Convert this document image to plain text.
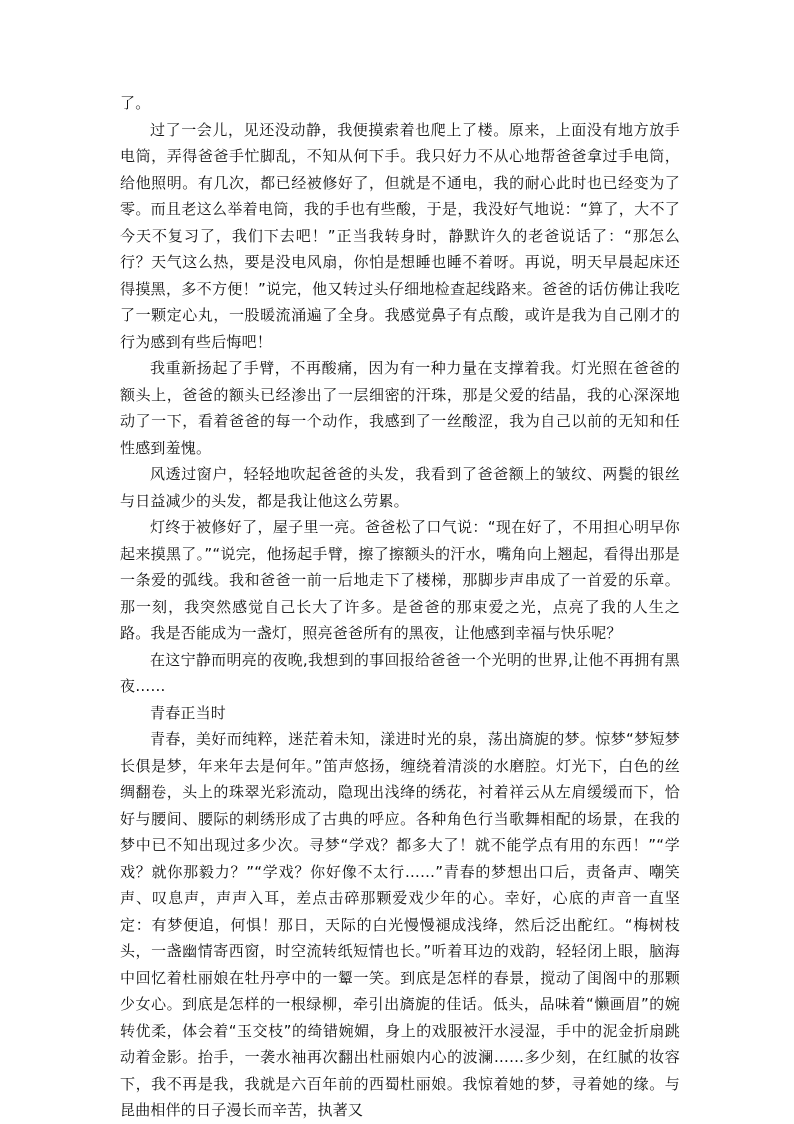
了。

过了一会儿，见还没动静，我便摸索着也爬上了楼。原来，上面没有地方放手电筒，弄得爸爸手忙脚乱，不知从何下手。我只好力不从心地帮爸爸拿过手电筒，给他照明。有几次，都已经被修好了，但就是不通电，我的耐心此时也已经变为了零。而且老这么举着电筒，我的手也有些酸，于是，我没好气地说：“算了，大不了今天不复习了，我们下去吧！”正当我转身时，静默许久的老爸说话了：“那怎么行？天气这么热，要是没电风扇，你怕是想睡也睡不着呀。再说，明天早晨起床还得摸黑，多不方便！”说完，他又转过头仔细地检查起线路来。爸爸的话仿佛让我吃了一颗定心丸，一股暖流涌遍了全身。我感觉鼻子有点酸，或许是我为自己刚才的行为感到有些后悔吧！

我重新扬起了手臂，不再酸痛，因为有一种力量在支撑着我。灯光照在爸爸的额头上，爸爸的额头已经渗出了一层细密的汗珠，那是父爱的结晶，我的心深深地动了一下，看着爸爸的每一个动作，我感到了一丝酸涩，我为自己以前的无知和任性感到羞愧。

风透过窗户，轻轻地吹起爸爸的头发，我看到了爸爸额上的皱纹、两鬓的银丝与日益减少的头发，都是我让他这么劳累。

灯终于被修好了，屋子里一亮。爸爸松了口气说：“现在好了，不用担心明早你起来摸黑了。”“说完，他扬起手臂，擦了擦额头的汗水，嘴角向上翘起，看得出那是一条爱的弧线。我和爸爸一前一后地走下了楼梯，那脚步声串成了一首爱的乐章。那一刻，我突然感觉自己长大了许多。是爸爸的那束爱之光，点亮了我的人生之路。我是否能成为一盏灯，照亮爸爸所有的黑夜，让他感到幸福与快乐呢？

在这宁静而明亮的夜晚,我想到的事回报给爸爸一个光明的世界,让他不再拥有黑夜……

青春正当时

青春，美好而纯粹，迷茫着未知，漾进时光的泉，荡出旖旎的梦。惊梦“梦短梦长俱是梦，年来年去是何年。”笛声悠扬，缠绕着清淡的水磨腔。灯光下，白色的丝绸翻卷，头上的珠翠光彩流动，隐现出浅绛的绣花，衬着祥云从左肩缓缓而下，恰好与腰间、腰际的刺绣形成了古典的呼应。各种角色行当歌舞相配的场景，在我的梦中已不知出现过多少次。寻梦“学戏？都多大了！就不能学点有用的东西！”“学戏？就你那毅力？”“学戏？你好像不太行……”青春的梦想出口后，责备声、嘲笑声、叹息声，声声入耳，差点击碎那颗爱戏少年的心。幸好，心底的声音一直坚定：有梦便追，何惧！那日，天际的白光慢慢褪成浅绛，然后泛出酡红。“梅树枝头，一盏幽情寄西窗，时空流转纸短情也长。”听着耳边的戏韵，轻轻闭上眼，脑海中回忆着杜丽娘在牡丹亭中的一颦一笑。到底是怎样的春景，搅动了闺阁中的那颗少女心。到底是怎样的一根绿柳，牵引出旖旎的佳话。低头，品味着“懒画眉”的婉转优柔，体会着“玉交枝”的绮错婉媚，身上的戏服被汗水浸湿，手中的泥金折扇跳动着金影。抬手，一袭水袖再次翻出杜丽娘内心的波澜……多少刻，在红腻的妆容下，我不再是我，我就是六百年前的西蜀杜丽娘。我惊着她的梦，寻着她的缘。与昆曲相伴的日子漫长而辛苦，执著又
